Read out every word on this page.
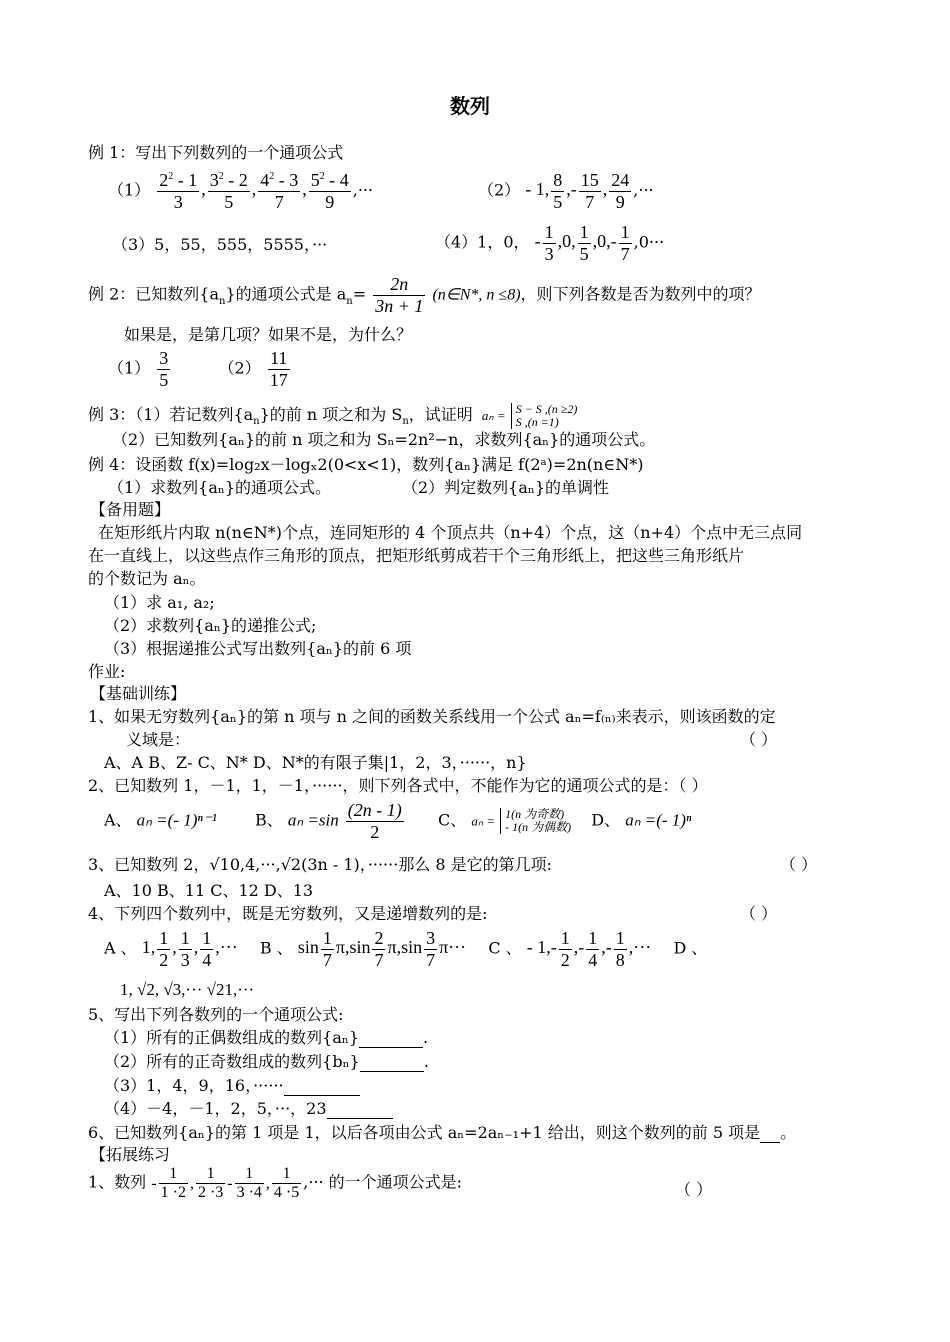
数列
例 1：写出下列数列的一个通项公式
$(1) \frac{2^2 - 1}{3}$ , $\frac{3^2 - 2}{5}$ , $\frac{4^2 - 3}{7}$ , $\frac{5^2 - 4}{9}$ ,···	（2） - 1, $\frac{8}{5}$ ,- $\frac{15}{7}$ , $\frac{24}{9}$ ,···
（3）5，55，555，5555，···	（4）1，0， - $\frac{1}{3} ,0$, $\frac{1}{5} ,0,- \frac{1}{7} ,0\cdot\cdot\cdot$
例 2：已知数列$\{a_n\}$的通项公式是 $a_n= \frac{2n}{3n + 1}$ (n∈N*, n ≤8)，则下列各数是否为数列中的项？
如果是，是第几项？如果不是，为什么？
$(1) \frac{3}{5}$	$(2) \frac{11}{17}$
例 3：（1）若记数列$\{a_n\}$的前 n 项之和为 $S_n$，试证明 aₙ = S − S ,(n ≥2)
S ,(n =1)
（2）已知数列{aₙ}的前 n 项之和为 Sₙ=2n²−n，求数列{aₙ}的通项公式。
例 4：设函数 f(x)=log₂x－logₓ2(0<x<1)，数列{aₙ}满足 f(2ᵃ)=2n(n∈N*)
（1）求数列{aₙ}的通项公式。	（2）判定数列{aₙ}的单调性
【备用题】
在矩形纸片内取 n(n∈N*)个点，连同矩形的 4 个顶点共（n+4）个点，这（n+4）个点中无三点同
在一直线上，以这些点作三角形的顶点，把矩形纸剪成若干个三角形纸上，把这些三角形纸片
的个数记为 aₙ。
（1）求 a₁, a₂;
（2）求数列{aₙ}的递推公式;
（3）根据递推公式写出数列{aₙ}的前 6 项
作业:
【基础训练】
1、如果无穷数列{aₙ}的第 n 项与 n 之间的函数关系线用一个公式 aₙ=f₍ₙ₎来表示，则该函数的定
义域是：	（ ）
A、A B、Z- C、N* D、N*的有限子集|1，2，3，······，n}
2、已知数列 1，－1，1，－1，······，则下列各式中，不能作为它的通项公式的是：（ ）
A、 aₙ =(- 1)ⁿ⁻¹ B、 $a_n =\sin \frac{(2n - 1)}{2}$ C、 aₙ = 1(n 为奇数)
- 1(n 为偶数) D、 aₙ =(- 1)ⁿ
3、已知数列 2，√10,4,···,√2(3n - 1)，······那么 8 是它的第几项:	（ ）
A、10 B、11 C、12 D、13
4、下列四个数列中，既是无穷数列，又是递增数列的是:	（ ）
A 、 1, $\frac{1}{2}$ , $\frac{1}{3}$ , $\frac{1}{4}$ ,··· B 、 $\sin \frac{1}{7} \pi,\sin \frac{2}{7} \pi,\sin \frac{3}{7} \pi\cdot\cdot\cdot C$ 、 - $1,- \frac{1}{2}$ ,- $\frac{1}{4}$ ,- $\frac{1}{8}$ ,··· D 、
1, √2, √3,··· √21,···
5、写出下列各数列的一个通项公式:
（1）所有的正偶数组成的数列{aₙ}	.
（2）所有的正奇数组成的数列{bₙ}	.
（3）1，4，9，16，······
（4）－4，－1，2，5，···，23
6、已知数列{aₙ}的第 1 项是 1，以后各项由公式 aₙ=2aₙ₋₁+1 给出，则这个数列的前 5 项是 。
【拓展练习
1、数列 - $\frac{1}{1 \cdot 2}$ , $\frac{1}{2 \cdot 3} - \frac{1}{3 \cdot 4}$ , $\frac{1}{4 \cdot 5}$ ,··· 的一个通项公式是:	（ ）
